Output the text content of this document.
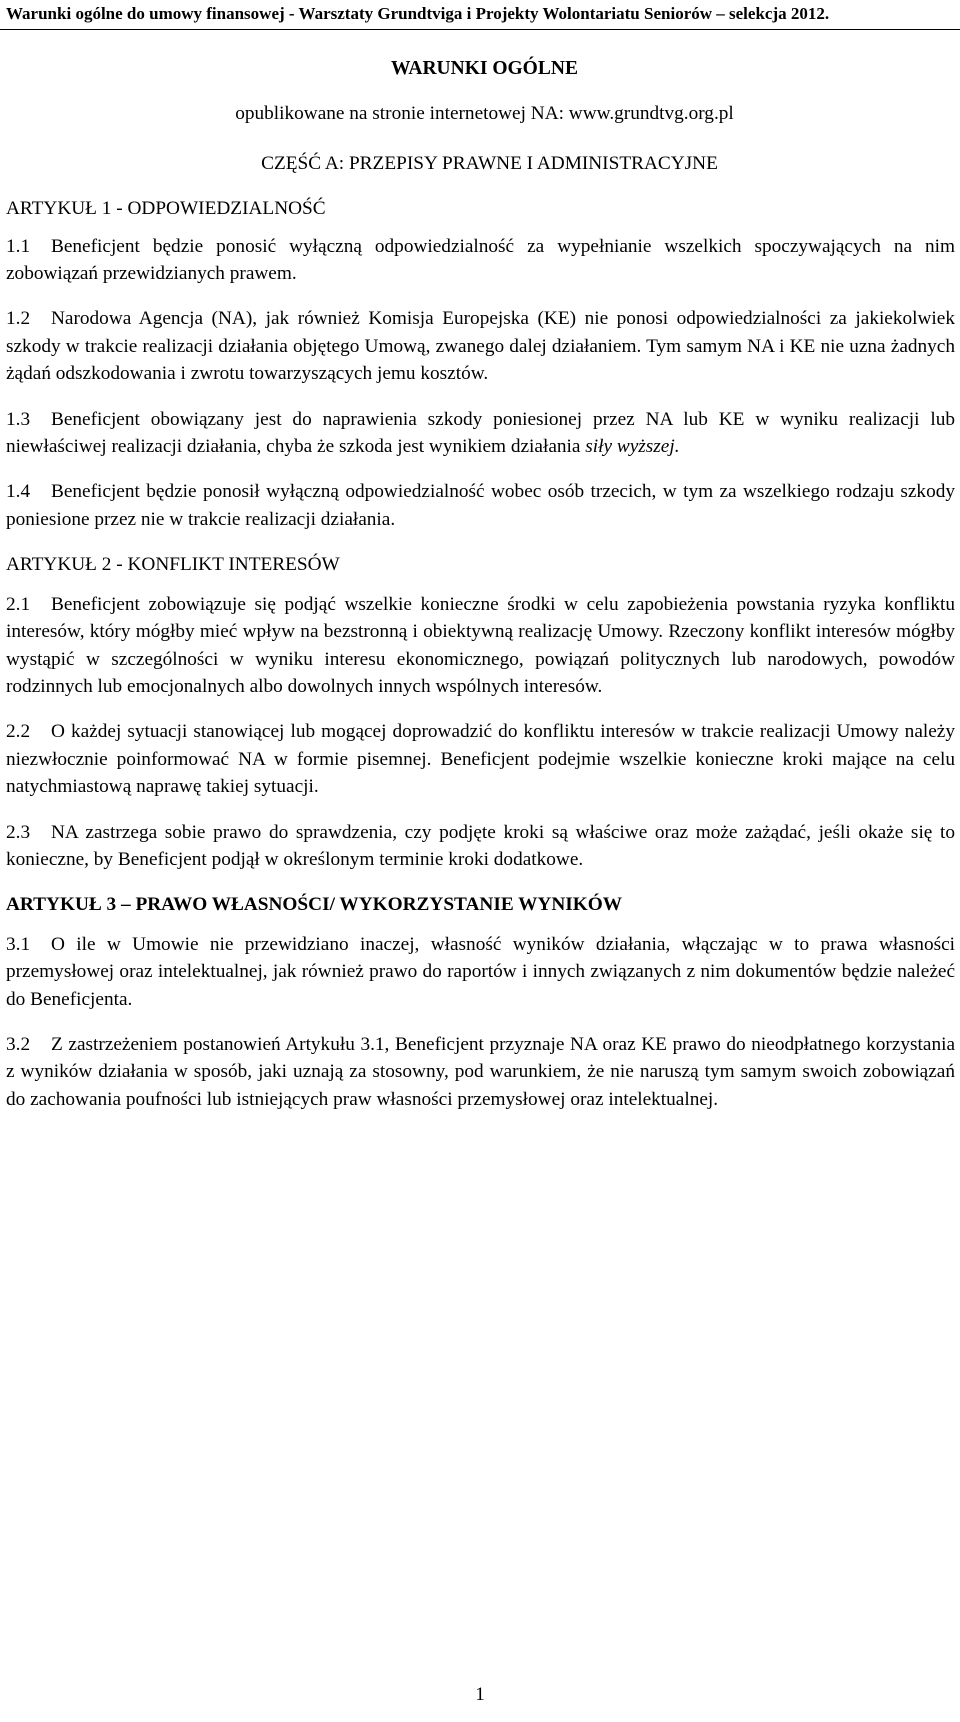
Warunki ogólne do umowy finansowej - Warsztaty Grundtviga i Projekty Wolontariatu Seniorów – selekcja 2012.

WARUNKI OGÓLNE

opublikowane na stronie internetowej NA: www.grundtvg.org.pl

CZĘŚĆ A: PRZEPISY PRAWNE I ADMINISTRACYJNE

ARTYKUŁ 1 - ODPOWIEDZIALNOŚĆ

1.1 Beneficjent będzie ponosić wyłączną odpowiedzialność za wypełnianie wszelkich spoczywających na nim zobowiązań przewidzianych prawem.
1.2 Narodowa Agencja (NA), jak również Komisja Europejska (KE) nie ponosi odpowiedzialności za jakiekolwiek szkody w trakcie realizacji działania objętego Umową, zwanego dalej działaniem. Tym samym NA i KE nie uzna żadnych żądań odszkodowania i zwrotu towarzyszących jemu kosztów.
1.3 Beneficjent obowiązany jest do naprawienia szkody poniesionej przez NA lub KE w wyniku realizacji lub niewłaściwej realizacji działania, chyba że szkoda jest wynikiem działania siły wyższej.
1.4 Beneficjent będzie ponosił wyłączną odpowiedzialność wobec osób trzecich, w tym za wszelkiego rodzaju szkody poniesione przez nie w trakcie realizacji działania.

ARTYKUŁ 2 - KONFLIKT INTERESÓW

2.1 Beneficjent zobowiązuje się podjąć wszelkie konieczne środki w celu zapobieżenia powstania ryzyka konfliktu interesów, który mógłby mieć wpływ na bezstronną i obiektywną realizację Umowy. Rzeczony konflikt interesów mógłby wystąpić w szczególności w wyniku interesu ekonomicznego, powiązań politycznych lub narodowych, powodów rodzinnych lub emocjonalnych albo dowolnych innych wspólnych interesów.
2.2 O każdej sytuacji stanowiącej lub mogącej doprowadzić do konfliktu interesów w trakcie realizacji Umowy należy niezwłocznie poinformować NA w formie pisemnej. Beneficjent podejmie wszelkie konieczne kroki mające na celu natychmiastową naprawę takiej sytuacji.
2.3 NA zastrzega sobie prawo do sprawdzenia, czy podjęte kroki są właściwe oraz może zażądać, jeśli okaże się to konieczne, by Beneficjent podjął w określonym terminie kroki dodatkowe.

ARTYKUŁ 3 – PRAWO WŁASNOŚCI/ WYKORZYSTANIE WYNIKÓW

3.1 O ile w Umowie nie przewidziano inaczej, własność wyników działania, włączając w to prawa własności przemysłowej oraz intelektualnej, jak również prawo do raportów i innych związanych z nim dokumentów będzie należeć do Beneficjenta.
3.2 Z zastrzeżeniem postanowień Artykułu 3.1, Beneficjent przyznaje NA oraz KE prawo do nieodpłatnego korzystania z wyników działania w sposób, jaki uznają za stosowny, pod warunkiem, że nie naruszą tym samym swoich zobowiązań do zachowania poufności lub istniejących praw własności przemysłowej oraz intelektualnej.
1
